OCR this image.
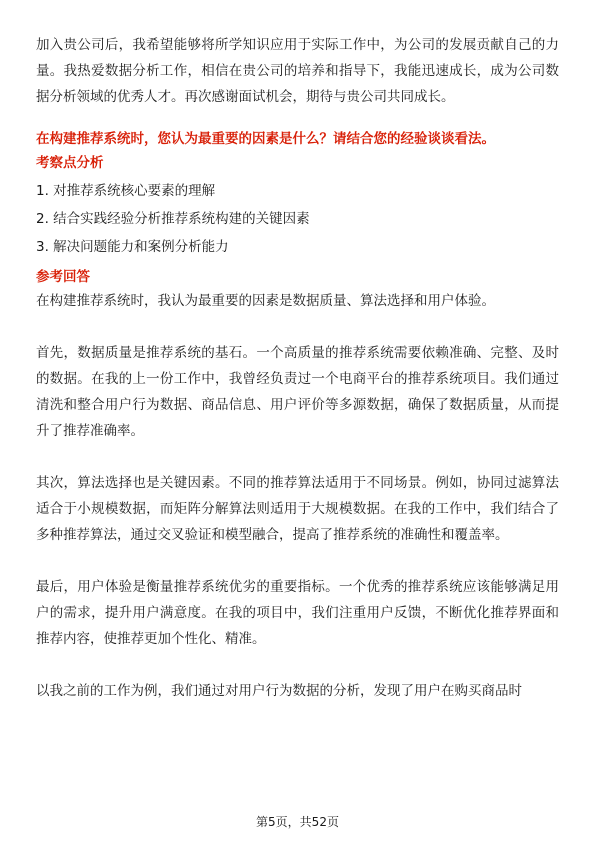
加入贵公司后，我希望能够将所学知识应用于实际工作中，为公司的发展贡献自己的力量。我热爱数据分析工作，相信在贵公司的培养和指导下，我能迅速成长，成为公司数据分析领域的优秀人才。再次感谢面试机会，期待与贵公司共同成长。

在构建推荐系统时，您认为最重要的因素是什么？请结合您的经验谈谈看法。

考察点分析

1. 对推荐系统核心要素的理解
2. 结合实践经验分析推荐系统构建的关键因素
3. 解决问题能力和案例分析能力

参考回答

在构建推荐系统时，我认为最重要的因素是数据质量、算法选择和用户体验。

首先，数据质量是推荐系统的基石。一个高质量的推荐系统需要依赖准确、完整、及时的数据。在我的上一份工作中，我曾经负责过一个电商平台的推荐系统项目。我们通过清洗和整合用户行为数据、商品信息、用户评价等多源数据，确保了数据质量，从而提升了推荐准确率。

其次，算法选择也是关键因素。不同的推荐算法适用于不同场景。例如，协同过滤算法适合于小规模数据，而矩阵分解算法则适用于大规模数据。在我的工作中，我们结合了多种推荐算法，通过交叉验证和模型融合，提高了推荐系统的准确性和覆盖率。

最后，用户体验是衡量推荐系统优劣的重要指标。一个优秀的推荐系统应该能够满足用户的需求，提升用户满意度。在我的项目中，我们注重用户反馈，不断优化推荐界面和推荐内容，使推荐更加个性化、精准。

以我之前的工作为例，我们通过对用户行为数据的分析，发现了用户在购买商品时

第5页，共52页
